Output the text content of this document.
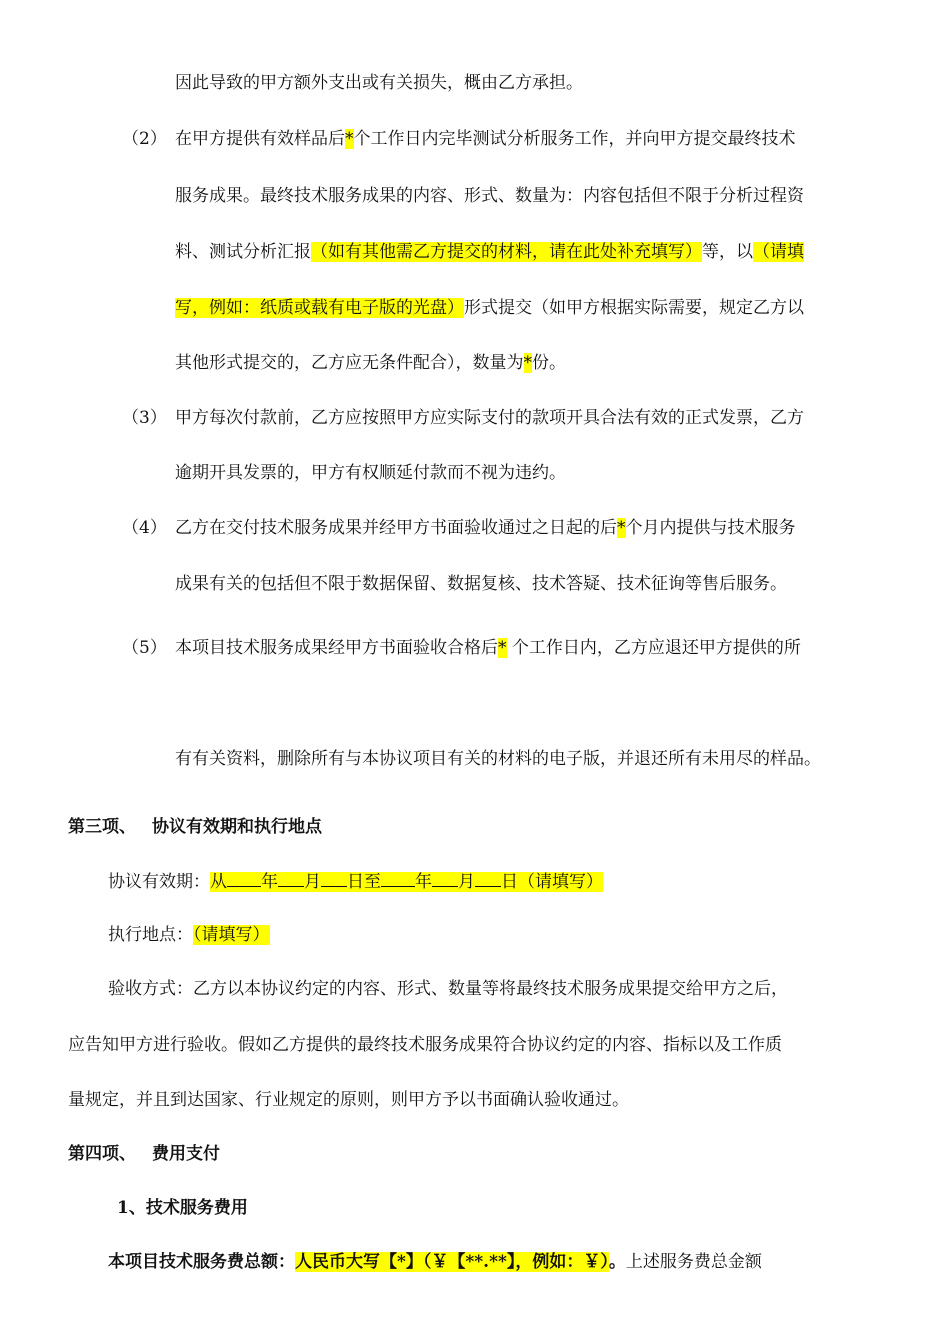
因此导致的甲方额外支出或有关损失，概由乙方承担。
（2） 在甲方提供有效样品后*个工作日内完毕测试分析服务工作，并向甲方提交最终技术
服务成果。最终技术服务成果的内容、形式、数量为：内容包括但不限于分析过程资
料、测试分析汇报（如有其他需乙方提交的材料，请在此处补充填写）等，以（请填
写，例如：纸质或载有电子版的光盘）形式提交（如甲方根据实际需要，规定乙方以
其他形式提交的，乙方应无条件配合），数量为*份。
（3） 甲方每次付款前，乙方应按照甲方应实际支付的款项开具合法有效的正式发票，乙方
逾期开具发票的，甲方有权顺延付款而不视为违约。
（4） 乙方在交付技术服务成果并经甲方书面验收通过之日起的后*个月内提供与技术服务
成果有关的包括但不限于数据保留、数据复核、技术答疑、技术征询等售后服务。
（5） 本项目技术服务成果经甲方书面验收合格后* 个工作日内，乙方应退还甲方提供的所
有有关资料，删除所有与本协议项目有关的材料的电子版，并退还所有未用尽的样品。
第三项、 协议有效期和执行地点
协议有效期：从 年 月 日至 年 月 日（请填写）
执行地点：（请填写）
验收方式：乙方以本协议约定的内容、形式、数量等将最终技术服务成果提交给甲方之后，
应告知甲方进行验收。假如乙方提供的最终技术服务成果符合协议约定的内容、指标以及工作质
量规定，并且到达国家、行业规定的原则，则甲方予以书面确认验收通过。
第四项、 费用支付
1、技术服务费用
本项目技术服务费总额：人民币大写【*】（￥【**.**】，例如：￥）。上述服务费总金额
